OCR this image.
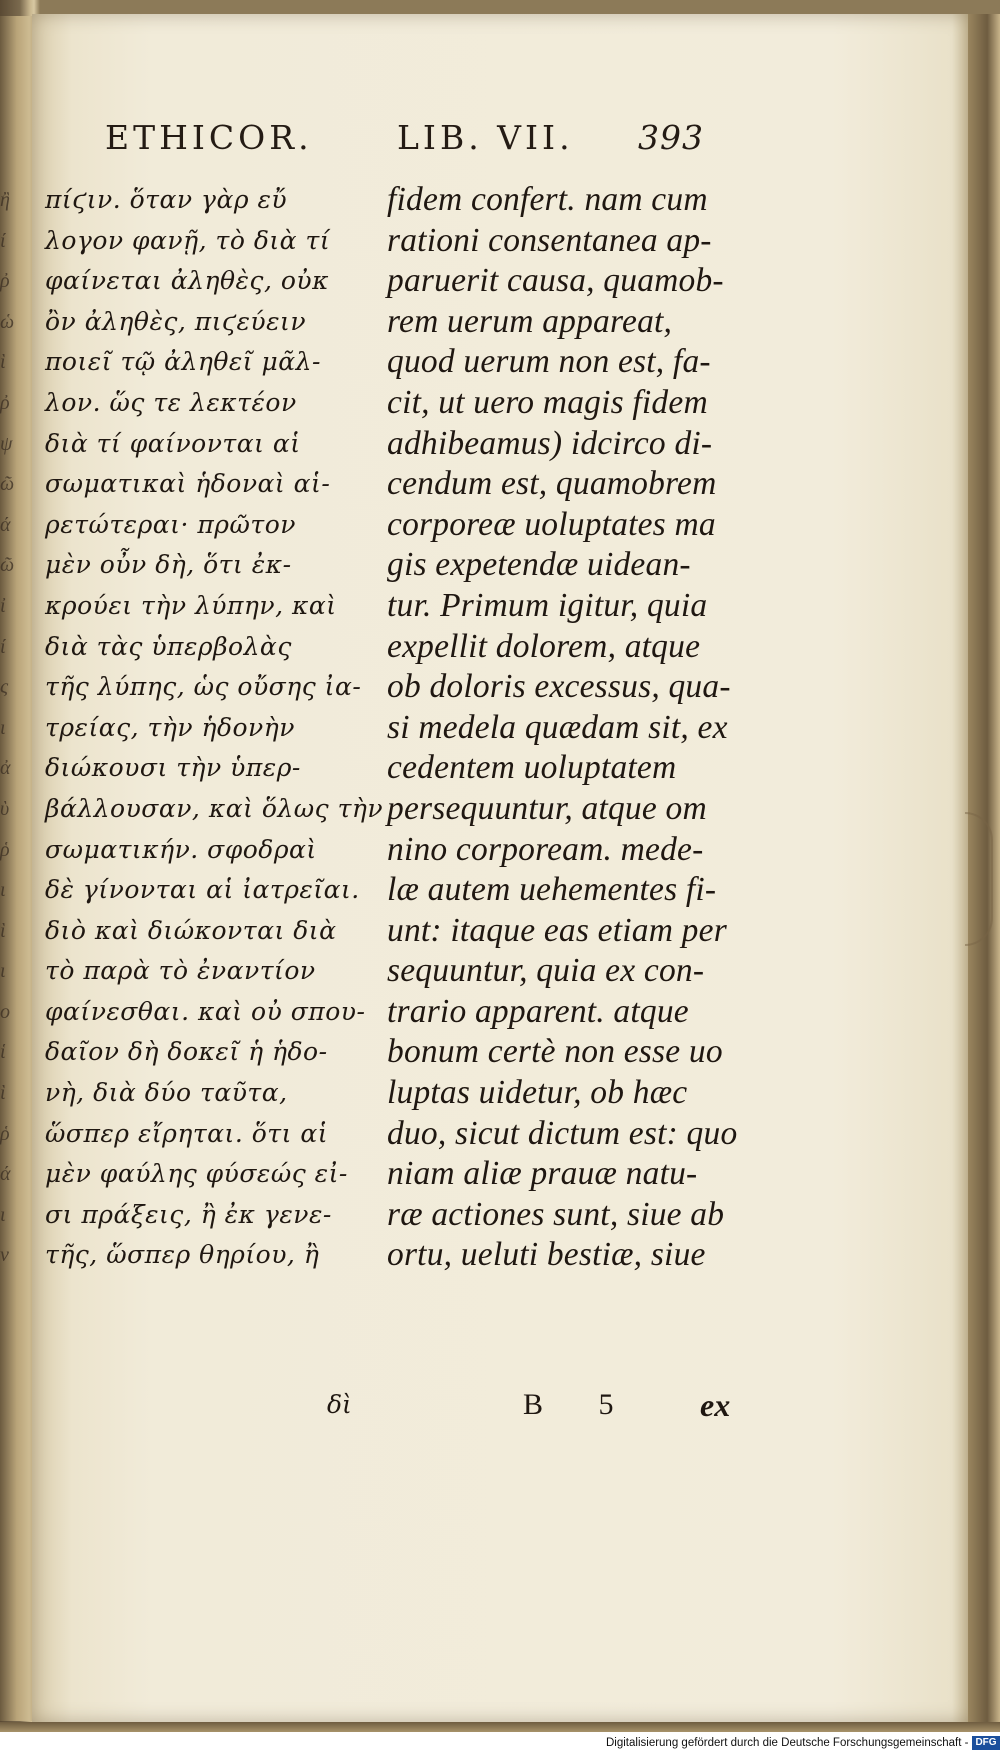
ἢ
ί
ῤ
ὡ
ὶ
ῤ
ψ
ῶ
ά
ῶ
ἰ
ί
ς
ι
ἀ
ὺ
ῥ
ι
ὶ
ι
ο
ἱ
ὶ
ῥ
ά
ι
ν
ETHICOR.	LIB. VII. 393
πίϛιν. ὅταν γὰρ εὔ
λογον φανῇ, τὸ διὰ τί
φαίνεται ἀληθὲς, οὐκ
ὂν ἀληθὲς, πιϛεύειν
ποιεῖ τῷ ἀληθεῖ μᾶλ-
λον. ὥς τε λεκτέον
διὰ τί φαίνονται αἱ
σωματικαὶ ἡδοναὶ αἱ-
ρετώτεραι· πρῶτον
μὲν οὖν δὴ, ὅτι ἐκ-
κρούει τὴν λύπην, καὶ
διὰ τὰς ὑπερβολὰς
τῆς λύπης, ὡς οὔσης ἰα-
τρείας, τὴν ἡδονὴν
διώκουσι τὴν ὑπερ-
βάλλουσαν, καὶ ὅλως τὴν
σωματικήν. σφοδραὶ
δὲ γίνονται αἱ ἰατρεῖαι.
διὸ καὶ διώκονται διὰ
τὸ παρὰ τὸ ἐναντίον
φαίνεσθαι. καὶ οὐ σπου-
δαῖον δὴ δοκεῖ ἡ ἡδο-
νὴ, διὰ δύο ταῦτα,
ὥσπερ εἴρηται. ὅτι αἱ
μὲν φαύλης φύσεώς εἰ-
σι πράξεις, ἢ ἐκ γενε-
τῆς, ὥσπερ θηρίου, ἢ
fidem confert. nam cum
rationi consentanea ap-
paruerit causa, quamob-
rem uerum appareat,
quod uerum non est, fa-
cit, ut uero magis fidem
adhibeamus) idcirco di-
cendum est, quamobrem
corporeæ uoluptates ma
gis expetendæ uidean-
tur. Primum igitur, quia
expellit dolorem, atque
ob doloris excessus, qua-
si medela quædam sit, ex
cedentem uoluptatem
persequuntur, atque om
nino corpoream. mede-
læ autem uehementes fi-
unt: itaque eas etiam per
sequuntur, quia ex con-
trario apparent. atque
bonum certè non esse uo
luptas uidetur, ob hæc
duo, sicut dictum est: quo
niam aliæ prauæ natu-
ræ actiones sunt, siue ab
ortu, ueluti bestiæ, siue
δὶ	B 5 ex
Digitalisierung gefördert durch die Deutsche Forschungsgemeinschaft - DFG
